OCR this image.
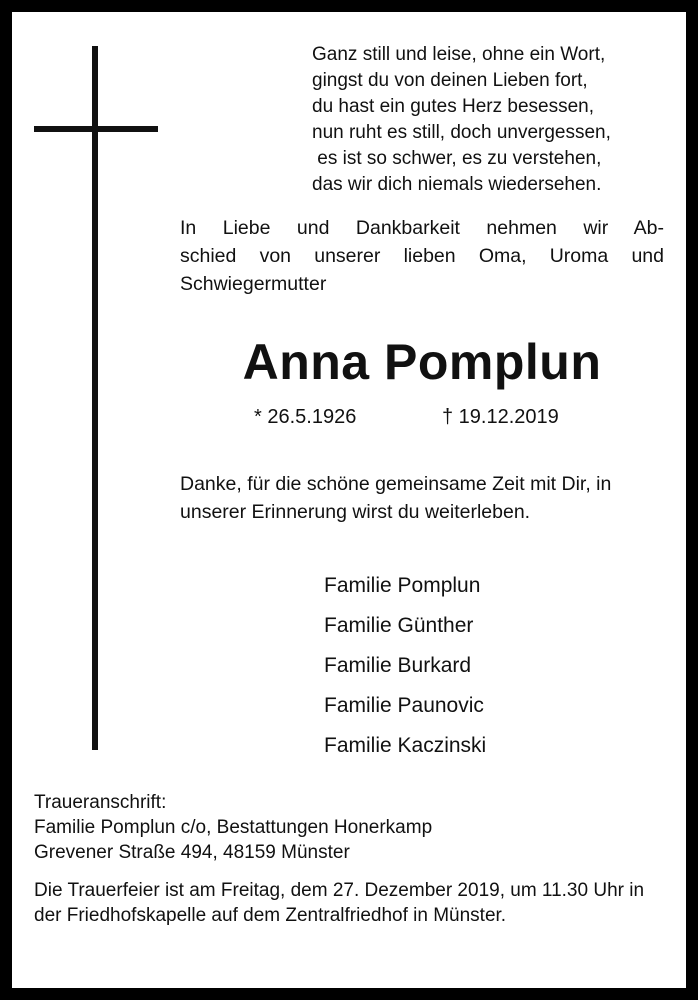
Ganz still und leise, ohne ein Wort,
gingst du von deinen Lieben fort,
du hast ein gutes Herz besessen,
nun ruht es still, doch unvergessen,
es ist so schwer, es zu verstehen,
das wir dich niemals wiedersehen.
In Liebe und Dankbarkeit nehmen wir Ab-
schied von unserer lieben Oma, Uroma und
Schwiegermutter
Anna Pomplun
* 26.5.1926	† 19.12.2019
Danke, für die schöne gemeinsame Zeit mit Dir, in unserer Erinnerung wirst du weiterleben.
Familie Pomplun
Familie Günther
Familie Burkard
Familie Paunovic
Familie Kaczinski
Traueranschrift:
Familie Pomplun c/o, Bestattungen Honerkamp
Grevener Straße 494, 48159 Münster
Die Trauerfeier ist am Freitag, dem 27. Dezember 2019, um 11.30 Uhr in der Friedhofskapelle auf dem Zentralfriedhof in Münster.
